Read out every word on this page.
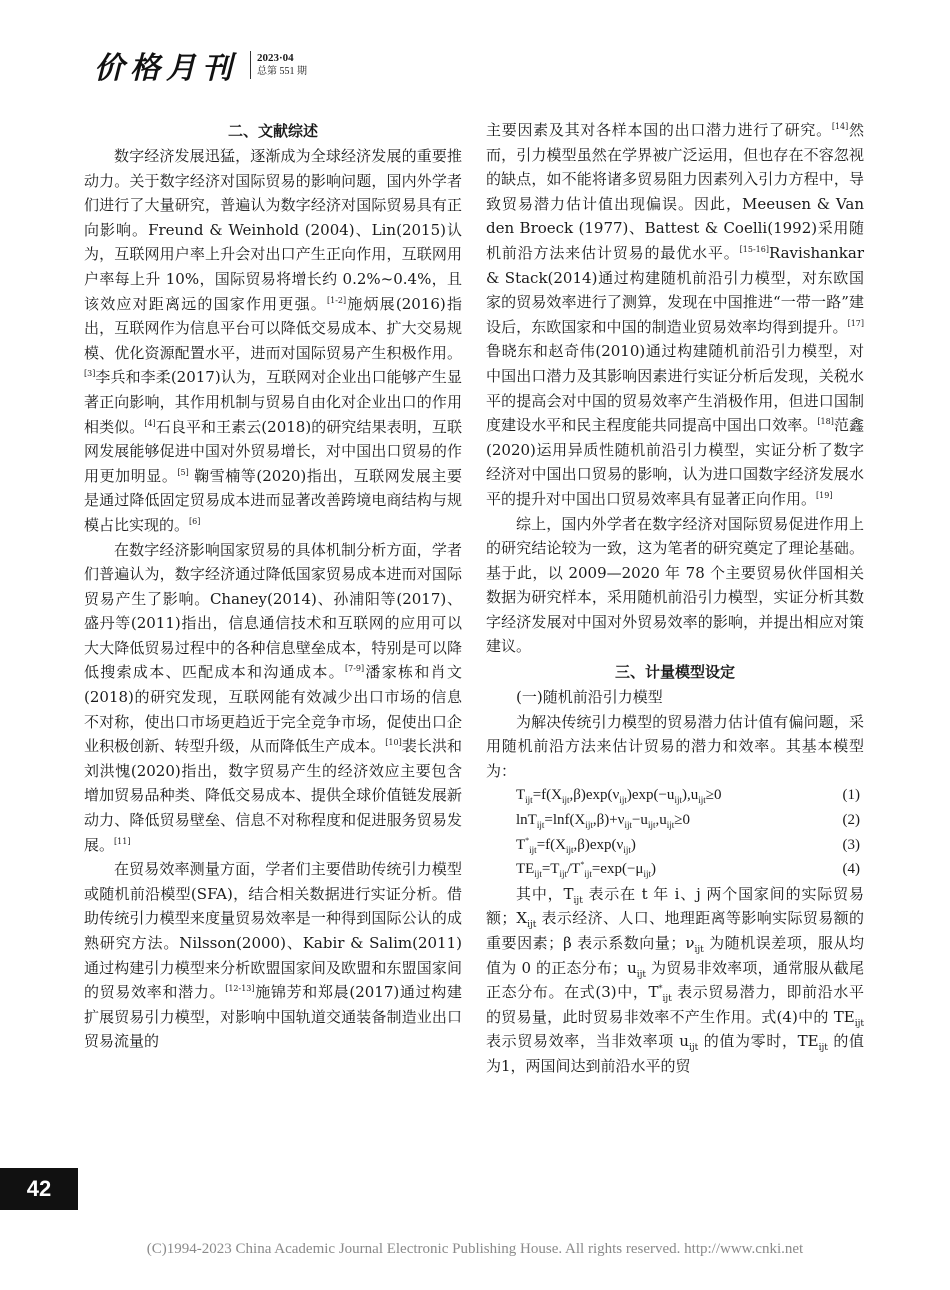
价格月刊	2023·04
总第 551 期
二、文献综述

数字经济发展迅猛，逐渐成为全球经济发展的重要推动力。关于数字经济对国际贸易的影响问题，国内外学者们进行了大量研究，普遍认为数字经济对国际贸易具有正向影响。Freund & Weinhold (2004)、Lin(2015)认为，互联网用户率上升会对出口产生正向作用，互联网用户率每上升 10%，国际贸易将增长约 0.2%~0.4%，且该效应对距离远的国家作用更强。[1-2]施炳展(2016)指出，互联网作为信息平台可以降低交易成本、扩大交易规模、优化资源配置水平，进而对国际贸易产生积极作用。[3]李兵和李柔(2017)认为，互联网对企业出口能够产生显著正向影响，其作用机制与贸易自由化对企业出口的作用相类似。[4]石良平和王素云(2018)的研究结果表明，互联网发展能够促进中国对外贸易增长，对中国出口贸易的作用更加明显。[5] 鞠雪楠等(2020)指出，互联网发展主要是通过降低固定贸易成本进而显著改善跨境电商结构与规模占比实现的。[6]

在数字经济影响国家贸易的具体机制分析方面，学者们普遍认为，数字经济通过降低国家贸易成本进而对国际贸易产生了影响。Chaney(2014)、孙浦阳等(2017)、盛丹等(2011)指出，信息通信技术和互联网的应用可以大大降低贸易过程中的各种信息壁垒成本，特别是可以降低搜索成本、匹配成本和沟通成本。[7-9]潘家栋和肖文(2018)的研究发现，互联网能有效减少出口市场的信息不对称，使出口市场更趋近于完全竞争市场，促使出口企业积极创新、转型升级，从而降低生产成本。[10]裴长洪和刘洪愧(2020)指出，数字贸易产生的经济效应主要包含增加贸易品种类、降低交易成本、提供全球价值链发展新动力、降低贸易壁垒、信息不对称程度和促进服务贸易发展。[11]

在贸易效率测量方面，学者们主要借助传统引力模型或随机前沿模型(SFA)，结合相关数据进行实证分析。借助传统引力模型来度量贸易效率是一种得到国际公认的成熟研究方法。Nilsson(2000)、Kabir & Salim(2011)通过构建引力模型来分析欧盟国家间及欧盟和东盟国家间的贸易效率和潜力。[12-13]施锦芳和郑晨(2017)通过构建扩展贸易引力模型，对影响中国轨道交通装备制造业出口贸易流量的

主要因素及其对各样本国的出口潜力进行了研究。[14]然而，引力模型虽然在学界被广泛运用，但也存在不容忽视的缺点，如不能将诸多贸易阻力因素列入引力方程中，导致贸易潜力估计值出现偏误。因此，Meeusen & Van den Broeck (1977)、Battest & Coelli(1992)采用随机前沿方法来估计贸易的最优水平。[15-16]Ravishankar & Stack(2014)通过构建随机前沿引力模型，对东欧国家的贸易效率进行了测算，发现在中国推进“一带一路”建设后，东欧国家和中国的制造业贸易效率均得到提升。[17]鲁晓东和赵奇伟(2010)通过构建随机前沿引力模型，对中国出口潜力及其影响因素进行实证分析后发现，关税水平的提高会对中国的贸易效率产生消极作用，但进口国制度建设水平和民主程度能共同提高中国出口效率。[18]范鑫(2020)运用异质性随机前沿引力模型，实证分析了数字经济对中国出口贸易的影响，认为进口国数字经济发展水平的提升对中国出口贸易效率具有显著正向作用。[19]

综上，国内外学者在数字经济对国际贸易促进作用上的研究结论较为一致，这为笔者的研究奠定了理论基础。基于此，以 2009—2020 年 78 个主要贸易伙伴国相关数据为研究样本，采用随机前沿引力模型，实证分析其数字经济发展对中国对外贸易效率的影响，并提出相应对策建议。

三、计量模型设定
(一)随机前沿引力模型

为解决传统引力模型的贸易潜力估计值有偏问题，采用随机前沿方法来估计贸易的潜力和效率。其基本模型为：

$T_{ijt}=f(X_{ijt},\beta)\exp(\nu_{ijt})\exp(-u_{ijt}),u_{ijt}\ge 0$	(1)
$\ln T_{ijt}=\ln f(X_{ijt},\beta)+\nu_{ijt}-u_{ijt},u_{ijt}\ge 0$	(2)
$T^*_{ijt}=f(X_{ijt},\beta)\exp(\nu_{ijt})$	(3)
$TE_{ijt}=T_{ijt}/T^*_{ijt}=\exp(-\mu_{ijt})$	(4)

其中，$T_{ijt}$ 表示在 t 年 i、j 两个国家间的实际贸易额；$X_{ijt}$ 表示经济、人口、地理距离等影响实际贸易额的重要因素；β 表示系数向量；$\nu_{ijt}$ 为随机误差项，服从均值为 0 的正态分布；$u_{ijt}$ 为贸易非效率项，通常服从截尾正态分布。在式(3)中，$T^*_{ijt}$ 表示贸易潜力，即前沿水平的贸易量，此时贸易非效率不产生作用。式(4)中的 $TE_{ijt}$ 表示贸易效率，当非效率项 $u_{ijt}$ 的值为零时，$TE_{ijt}$ 的值为1，两国间达到前沿水平的贸

42
(C)1994-2023 China Academic Journal Electronic Publishing House. All rights reserved. http://www.cnki.net
